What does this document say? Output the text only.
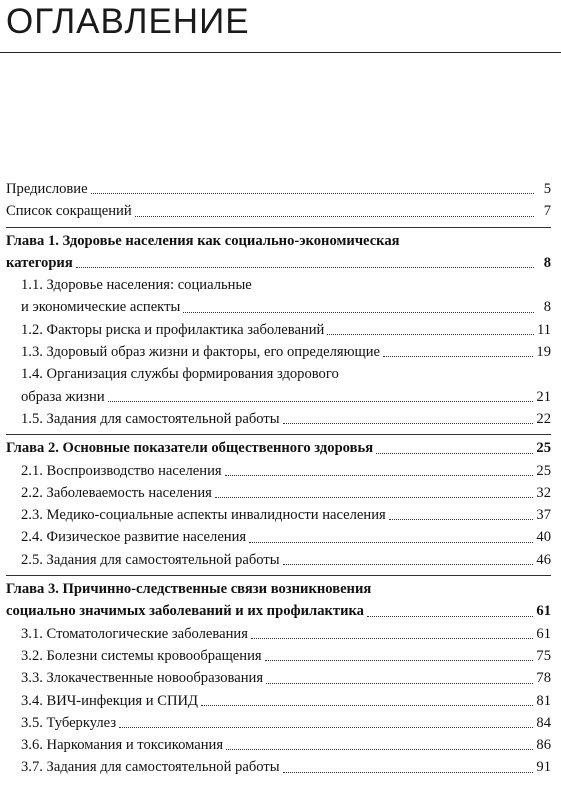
ОГЛАВЛЕНИЕ
Предисловие	5
Список сокращений	7
Глава 1. Здоровье населения как социально-экономическая
категория	8
1.1. Здоровье населения: социальные
и экономические аспекты	8
1.2. Факторы риска и профилактика заболеваний	11
1.3. Здоровый образ жизни и факторы, его определяющие	19
1.4. Организация службы формирования здорового
образа жизни	21
1.5. Задания для самостоятельной работы	22
Глава 2. Основные показатели общественного здоровья	25
2.1. Воспроизводство населения	25
2.2. Заболеваемость населения	32
2.3. Медико-социальные аспекты инвалидности населения	37
2.4. Физическое развитие населения	40
2.5. Задания для самостоятельной работы	46
Глава 3. Причинно-следственные связи возникновения
социально значимых заболеваний и их профилактика	61
3.1. Стоматологические заболевания	61
3.2. Болезни системы кровообращения	75
3.3. Злокачественные новообразования	78
3.4. ВИЧ-инфекция и СПИД	81
3.5. Туберкулез	84
3.6. Наркомания и токсикомания	86
3.7. Задания для самостоятельной работы	91
